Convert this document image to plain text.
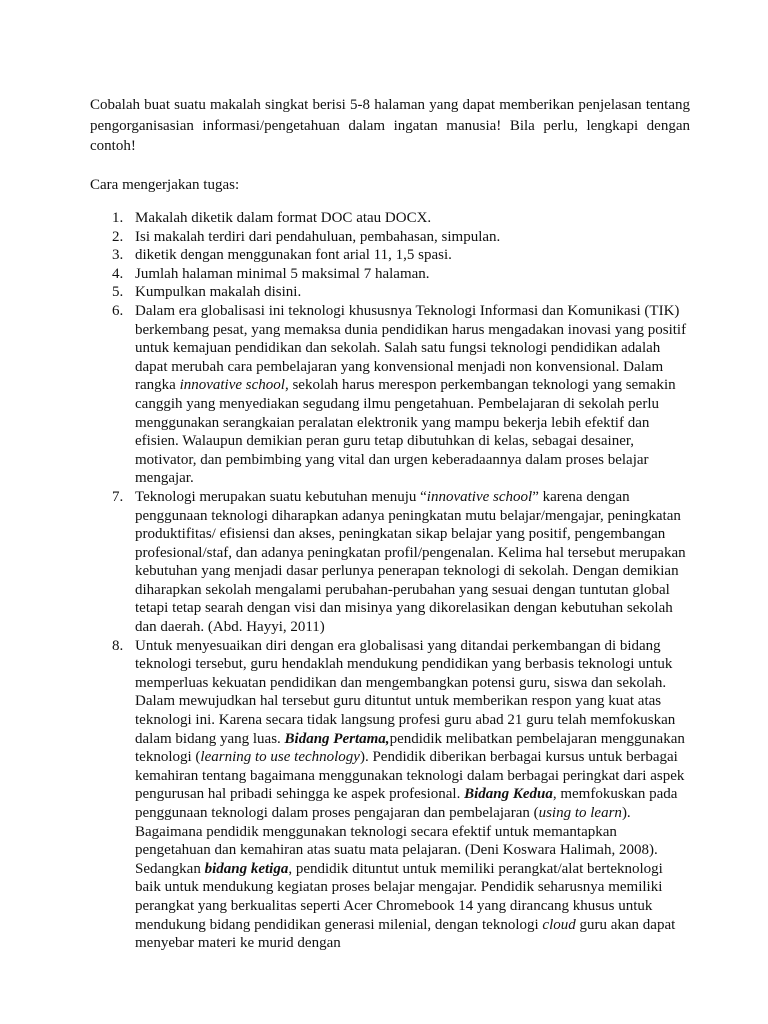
Cobalah buat suatu makalah singkat berisi 5-8 halaman yang dapat memberikan penjelasan tentang pengorganisasian informasi/pengetahuan dalam ingatan manusia! Bila perlu, lengkapi dengan contoh!

Cara mengerjakan tugas:

1. Makalah diketik dalam format DOC atau DOCX.
2. Isi makalah terdiri dari pendahuluan, pembahasan, simpulan.
3. diketik dengan menggunakan font arial 11, 1,5 spasi.
4. Jumlah halaman minimal 5 maksimal 7 halaman.
5. Kumpulkan makalah disini.
6. Dalam era globalisasi ini teknologi khususnya Teknologi Informasi dan Komunikasi (TIK) berkembang pesat, yang memaksa dunia pendidikan harus mengadakan inovasi yang positif untuk kemajuan pendidikan dan sekolah. Salah satu fungsi teknologi pendidikan adalah dapat merubah cara pembelajaran yang konvensional menjadi non konvensional. Dalam rangka innovative school, sekolah harus merespon perkembangan teknologi yang semakin canggih yang menyediakan segudang ilmu pengetahuan. Pembelajaran di sekolah perlu menggunakan serangkaian peralatan elektronik yang mampu bekerja lebih efektif dan efisien. Walaupun demikian peran guru tetap dibutuhkan di kelas, sebagai desainer, motivator, dan pembimbing yang vital dan urgen keberadaannya dalam proses belajar mengajar.
7. Teknologi merupakan suatu kebutuhan menuju “innovative school” karena dengan penggunaan teknologi diharapkan adanya peningkatan mutu belajar/mengajar, peningkatan produktifitas/ efisiensi dan akses, peningkatan sikap belajar yang positif, pengembangan profesional/staf, dan adanya peningkatan profil/pengenalan. Kelima hal tersebut merupakan kebutuhan yang menjadi dasar perlunya penerapan teknologi di sekolah. Dengan demikian diharapkan sekolah mengalami perubahan-perubahan yang sesuai dengan tuntutan global tetapi tetap searah dengan visi dan misinya yang dikorelasikan dengan kebutuhan sekolah dan daerah. (Abd. Hayyi, 2011)
8. Untuk menyesuaikan diri dengan era globalisasi yang ditandai perkembangan di bidang teknologi tersebut, guru hendaklah mendukung pendidikan yang berbasis teknologi untuk memperluas kekuatan pendidikan dan mengembangkan potensi guru, siswa dan sekolah. Dalam mewujudkan hal tersebut guru dituntut untuk memberikan respon yang kuat atas teknologi ini. Karena secara tidak langsung profesi guru abad 21 guru telah memfokuskan dalam bidang yang luas. Bidang Pertama,pendidik melibatkan pembelajaran menggunakan teknologi (learning to use technology). Pendidik diberikan berbagai kursus untuk berbagai kemahiran tentang bagaimana menggunakan teknologi dalam berbagai peringkat dari aspek pengurusan hal pribadi sehingga ke aspek profesional. Bidang Kedua, memfokuskan pada penggunaan teknologi dalam proses pengajaran dan pembelajaran (using to learn). Bagaimana pendidik menggunakan teknologi secara efektif untuk memantapkan pengetahuan dan kemahiran atas suatu mata pelajaran. (Deni Koswara Halimah, 2008). Sedangkan bidang ketiga, pendidik dituntut untuk memiliki perangkat/alat berteknologi baik untuk mendukung kegiatan proses belajar mengajar. Pendidik seharusnya memiliki perangkat yang berkualitas seperti Acer Chromebook 14 yang dirancang khusus untuk mendukung bidang pendidikan generasi milenial, dengan teknologi cloud guru akan dapat menyebar materi ke murid dengan
